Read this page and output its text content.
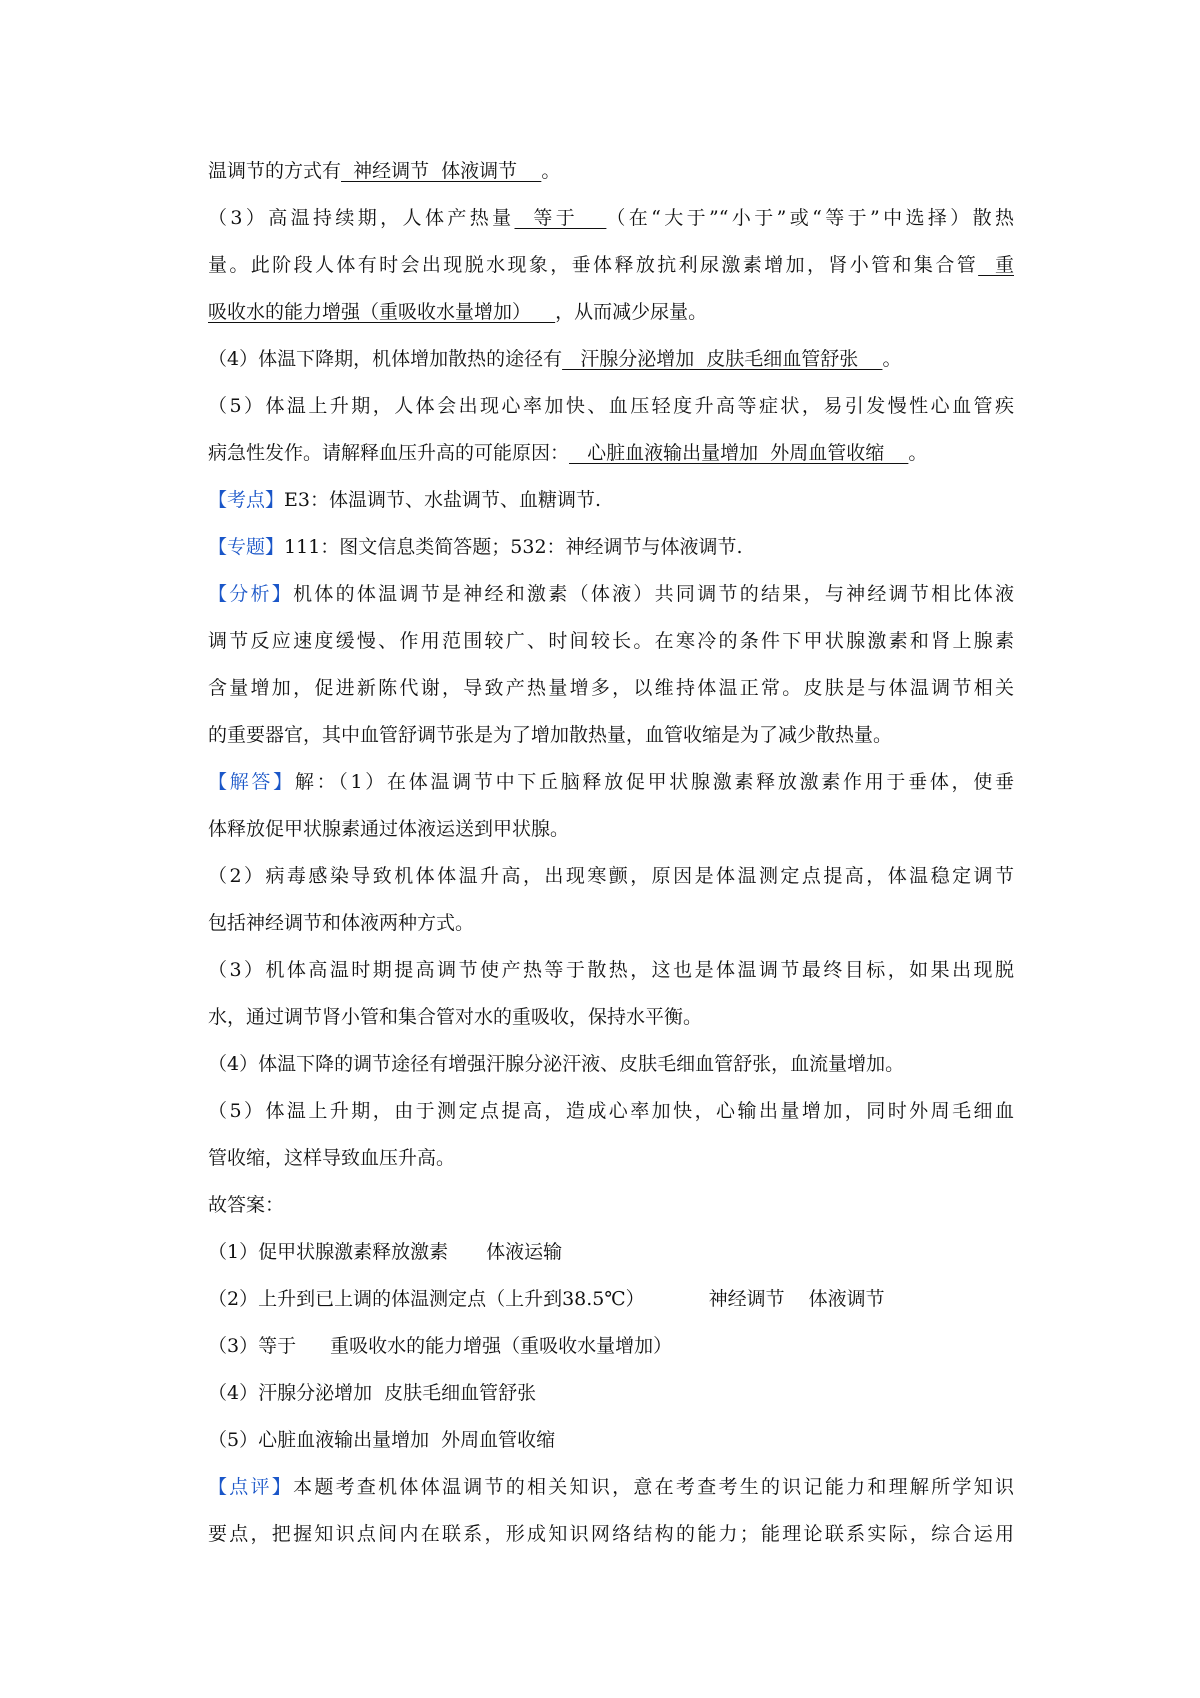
温调节的方式有  神经调节  体液调节    。
（3）高温持续期，人体产热量  等于   （在“大于”“小于”或“等于”中选择）散热
量。此阶段人体有时会出现脱水现象，垂体释放抗利尿激素增加，肾小管和集合管  重
吸收水的能力增强（重吸收水量增加）    ，从而减少尿量。
（4）体温下降期，机体增加散热的途径有   汗腺分泌增加  皮肤毛细血管舒张    。
（5）体温上升期，人体会出现心率加快、血压轻度升高等症状，易引发慢性心血管疾
病急性发作。请解释血压升高的可能原因：   心脏血液输出量增加  外周血管收缩    。
【考点】E3：体温调节、水盐调节、血糖调节.
【专题】111：图文信息类简答题；532：神经调节与体液调节.
【分析】机体的体温调节是神经和激素（体液）共同调节的结果，与神经调节相比体液
调节反应速度缓慢、作用范围较广、时间较长。在寒冷的条件下甲状腺激素和肾上腺素
含量增加，促进新陈代谢，导致产热量增多，以维持体温正常。皮肤是与体温调节相关
的重要器官，其中血管舒调节张是为了增加散热量，血管收缩是为了减少散热量。
【解答】解：（1）在体温调节中下丘脑释放促甲状腺激素释放激素作用于垂体，使垂
体释放促甲状腺素通过体液运送到甲状腺。
（2）病毒感染导致机体体温升高，出现寒颤，原因是体温测定点提高，体温稳定调节
包括神经调节和体液两种方式。
（3）机体高温时期提高调节使产热等于散热，这也是体温调节最终目标，如果出现脱
水，通过调节肾小管和集合管对水的重吸收，保持水平衡。
（4）体温下降的调节途径有增强汗腺分泌汗液、皮肤毛细血管舒张，血流量增加。
（5）体温上升期，由于测定点提高，造成心率加快，心输出量增加，同时外周毛细血
管收缩，这样导致血压升高。
故答案：
（1）促甲状腺激素释放激素 体液运输
（2）上升到已上调的体温测定点（上升到38.5℃）	神经调节 体液调节
（3）等于 重吸收水的能力增强（重吸收水量增加）
（4）汗腺分泌增加  皮肤毛细血管舒张
（5）心脏血液输出量增加  外周血管收缩
【点评】本题考查机体体温调节的相关知识，意在考查考生的识记能力和理解所学知识
要点，把握知识点间内在联系，形成知识网络结构的能力；能理论联系实际，综合运用
